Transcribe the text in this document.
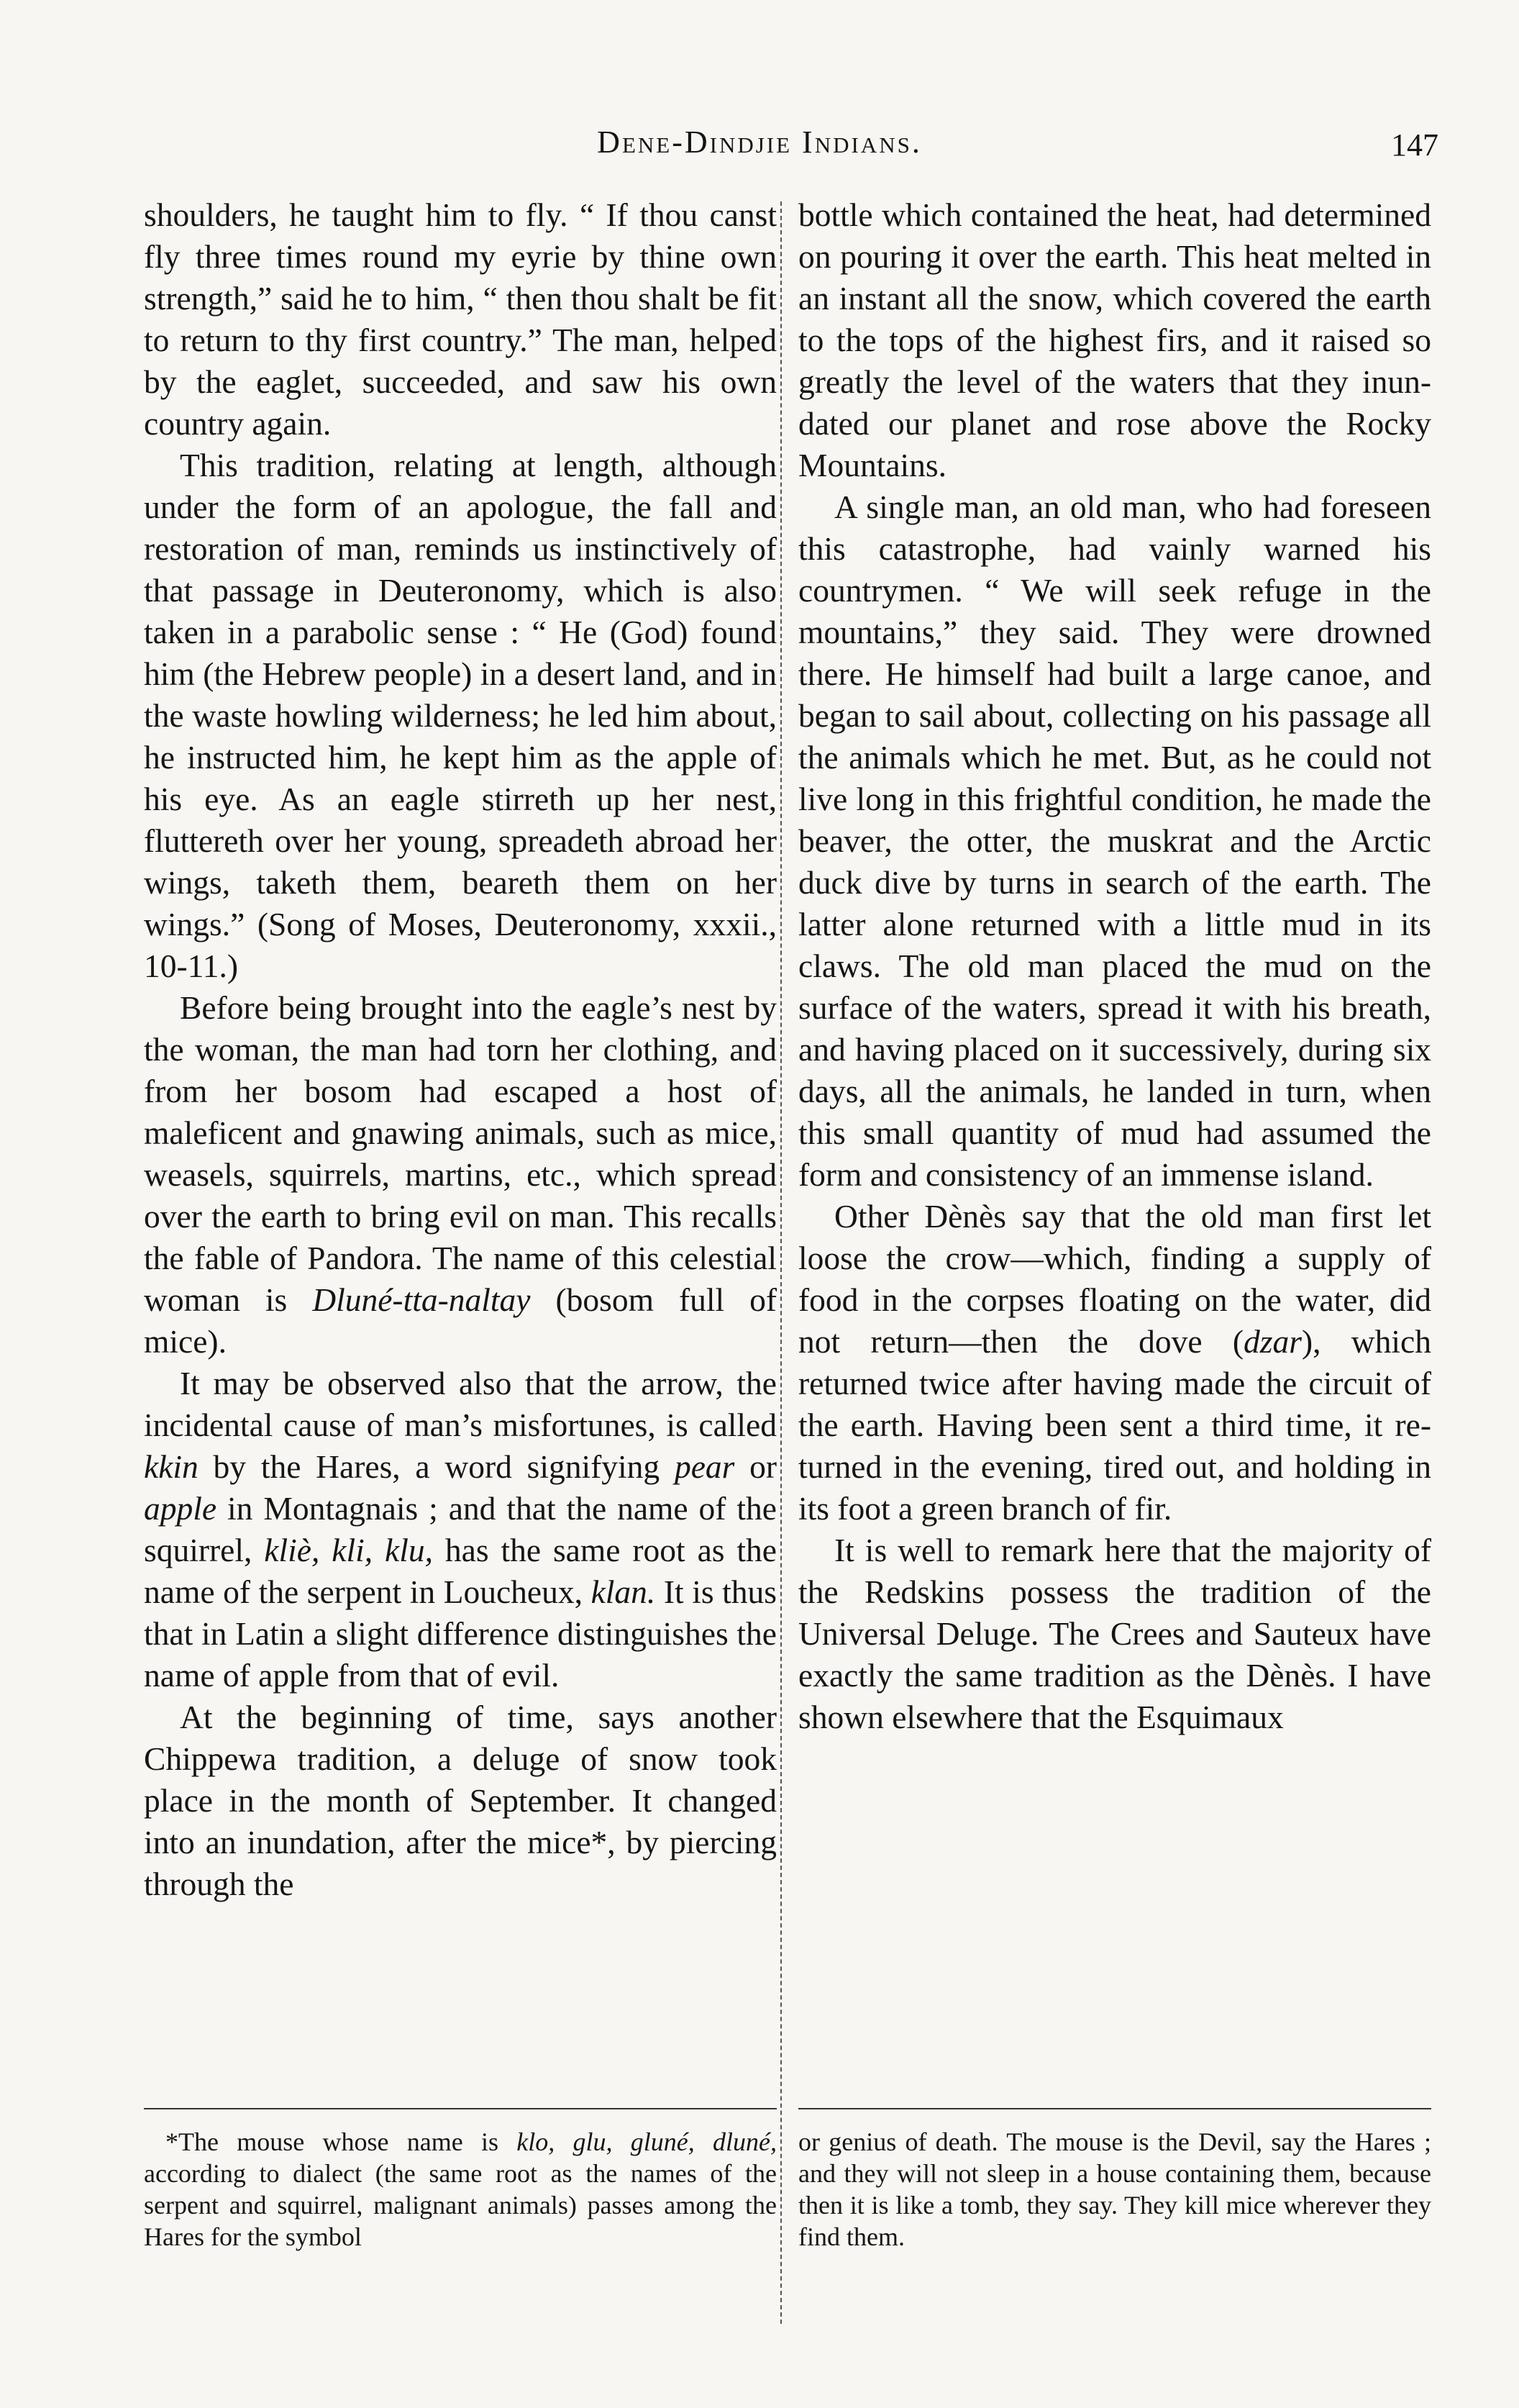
Dene-Dindjie Indians.	147

shoulders, he taught him to fly. “ If thou canst fly three times round my eyrie by thine own strength,” said he to him, “ then thou shalt be fit to return to thy first country.” The man, helped by the eaglet, succeeded, and saw his own country again.

This tradition, relating at length, although under the form of an apologue, the fall and restoration of man, reminds us instinctively of that passage in Deuteronomy, which is also taken in a parabolic sense : “ He (God) found him (the Hebrew people) in a desert land, and in the waste howling wilderness; he led him about, he instructed him, he kept him as the apple of his eye. As an eagle stirreth up her nest, fluttereth over her young, spreadeth abroad her wings, taketh them, beareth them on her wings.” (Song of Moses, Deuteronomy, xxxii., 10-11.)

Before being brought into the eagle’s nest by the woman, the man had torn her clothing, and from her bosom had escaped a host of maleficent and gnawing animals, such as mice, weasels, squirrels, martins, etc., which spread over the earth to bring evil on man. This recalls the fable of Pandora. The name of this celestial woman is Dluné-tta-naltay (bosom full of mice).

It may be observed also that the arrow, the incidental cause of man’s misfortunes, is called kkin by the Hares, a word signifying pear or apple in Montagnais ; and that the name of the squirrel, kliè, kli, klu, has the same root as the name of the serpent in Loucheux, klan. It is thus that in Latin a slight difference distinguishes the name of apple from that of evil.

At the beginning of time, says another Chippewa tradition, a deluge of snow took place in the month of September. It changed into an inundation, after the mice*, by piercing through the

bottle which contained the heat, had determined on pouring it over the earth. This heat melted in an instant all the snow, which covered the earth to the tops of the highest firs, and it raised so greatly the level of the waters that they inundated our planet and rose above the Rocky Mountains.

A single man, an old man, who had foreseen this catastrophe, had vainly warned his countrymen. “ We will seek refuge in the mountains,” they said. They were drowned there. He himself had built a large canoe, and began to sail about, collecting on his passage all the animals which he met. But, as he could not live long in this frightful condition, he made the beaver, the otter, the muskrat and the Arctic duck dive by turns in search of the earth. The latter alone returned with a little mud in its claws. The old man placed the mud on the surface of the waters, spread it with his breath, and having placed on it successively, during six days, all the animals, he landed in turn, when this small quantity of mud had assumed the form and consistency of an immense island.

Other Dènès say that the old man first let loose the crow—which, finding a supply of food in the corpses floating on the water, did not return—then the dove (dzar), which returned twice after having made the circuit of the earth. Having been sent a third time, it returned in the evening, tired out, and holding in its foot a green branch of fir.

It is well to remark here that the majority of the Redskins possess the tradition of the Universal Deluge. The Crees and Sauteux have exactly the same tradition as the Dènès. I have shown elsewhere that the Esquimaux

*The mouse whose name is klo, glu, gluné, dluné, according to dialect (the same root as the names of the serpent and squirrel, malignant animals) passes among the Hares for the symbol
or genius of death. The mouse is the Devil, say the Hares ; and they will not sleep in a house containing them, because then it is like a tomb, they say. They kill mice wherever they find them.
